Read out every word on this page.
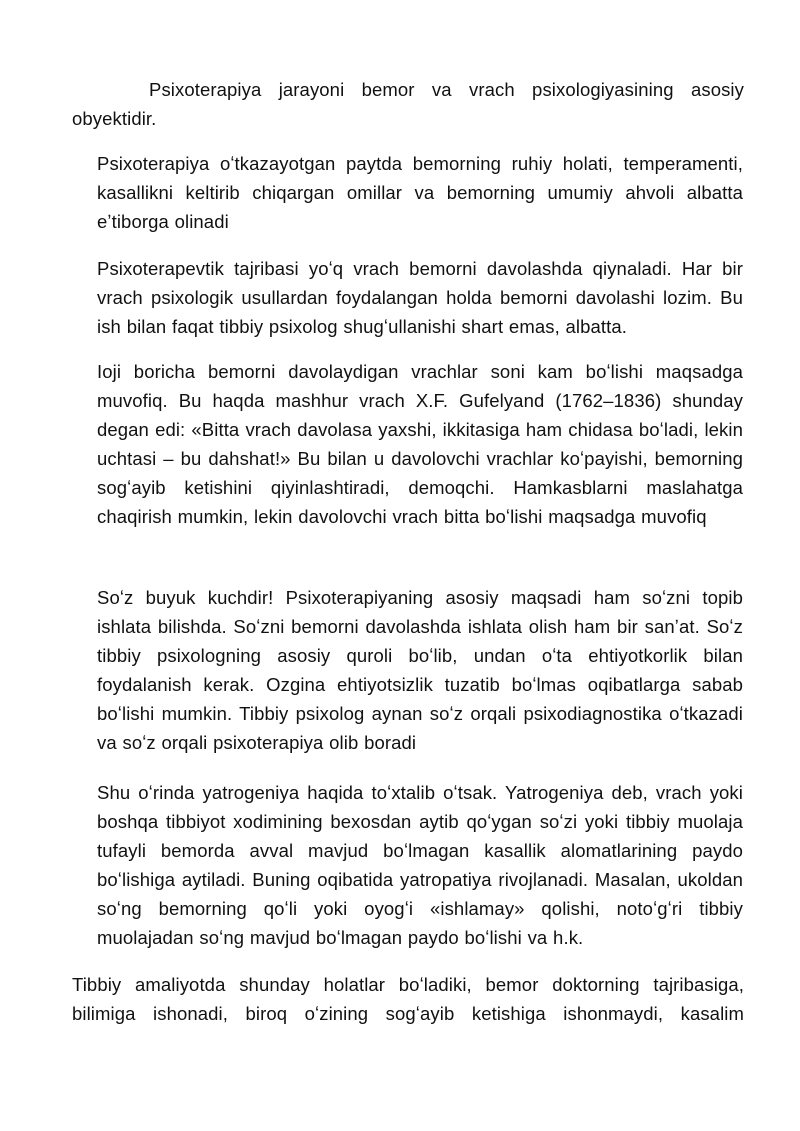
Psixoterapiya jarayoni bemor va vrach psixologiyasining asosiy obyektidir.

Psixoterapiya oʻtkazayotgan paytda bemorning ruhiy holati, temperamenti, kasallikni keltirib chiqargan omillar va bemorning umumiy ahvoli albatta eʼtiborga olinadi

Psixoterapevtik tajribasi yoʻq vrach bemorni davolashda qiynaladi. Har bir vrach psixologik usullardan foydalangan holda bemorni davolashi lozim. Bu ish bilan faqat tibbiy psixolog shugʻullanishi shart emas, albatta.

Ioji boricha bemorni davolaydigan vrachlar soni kam boʻlishi maqsadga muvofiq. Bu haqda mashhur vrach X.F. Gufelyand (1762–1836) shunday degan edi: «Bitta vrach davolasa yaxshi, ikkitasiga ham chidasa boʻladi, lekin uchtasi – bu dahshat!» Bu bilan u davolovchi vrachlar koʻpayishi, bemorning sogʻayib ketishini qiyinlashtiradi, demoqchi. Hamkasblarni maslahatga chaqirish mumkin, lekin davolovchi vrach bitta boʻlishi maqsadga muvofiq

Soʻz buyuk kuchdir! Psixoterapiyaning asosiy maqsadi ham soʻzni topib ishlata bilishda. Soʻzni bemorni davolashda ishlata olish ham bir sanʼat. Soʻz tibbiy psixologning asosiy quroli boʻlib, undan oʻta ehtiyotkorlik bilan foydalanish kerak. Ozgina ehtiyotsizlik tuzatib boʻlmas oqibatlarga sabab boʻlishi mumkin. Tibbiy psixolog aynan soʻz orqali psixodiagnostika oʻtkazadi va soʻz orqali psixoterapiya olib boradi

Shu oʻrinda yatrogeniya haqida toʻxtalib oʻtsak. Yatrogeniya deb, vrach yoki boshqa tibbiyot xodimining bexosdan aytib qoʻygan soʻzi yoki tibbiy muolaja tufayli bemorda avval mavjud boʻlmagan kasallik alomatlarining paydo boʻlishiga aytiladi. Buning oqibatida yatropatiya rivojlanadi. Masalan, ukoldan soʻng bemorning qoʻli yoki oyogʻi «ishlamay» qolishi, notoʻgʻri tibbiy muolajadan soʻng mavjud boʻlmagan paydo boʻlishi va h.k.

Tibbiy amaliyotda shunday holatlar boʻladiki, bemor doktorning tajribasiga, bilimiga ishonadi, biroq oʻzining sogʻayib ketishiga ishonmaydi, kasalim
